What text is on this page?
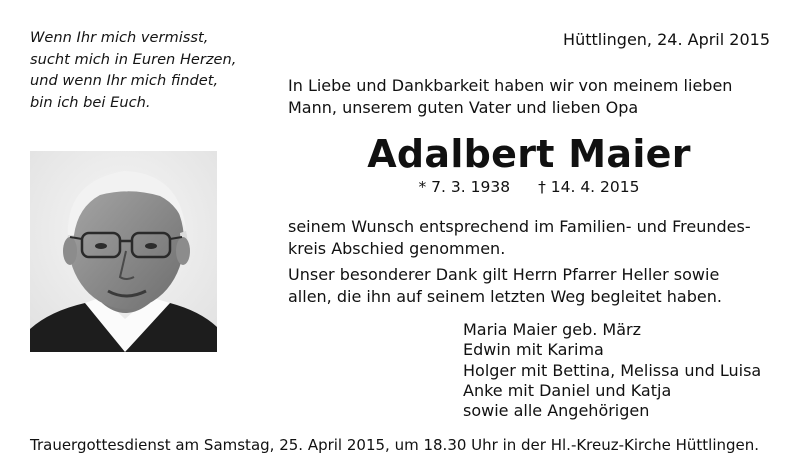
Wenn Ihr mich vermisst,
sucht mich in Euren Herzen,
und wenn Ihr mich findet,
bin ich bei Euch.
Hüttlingen, 24. April 2015
In Liebe und Dankbarkeit haben wir von meinem lieben
Mann, unserem guten Vater und lieben Opa
Adalbert Maier
* 7. 3. 1938 † 14. 4. 2015
seinem Wunsch entsprechend im Familien- und Freundes-
kreis Abschied genommen.
Unser besonderer Dank gilt Herrn Pfarrer Heller sowie
allen, die ihn auf seinem letzten Weg begleitet haben.
Maria Maier geb. März
Edwin mit Karima
Holger mit Bettina, Melissa und Luisa
Anke mit Daniel und Katja
sowie alle Angehörigen
Trauergottesdienst am Samstag, 25. April 2015, um 18.30 Uhr in der Hl.-Kreuz-Kirche Hüttlingen.
